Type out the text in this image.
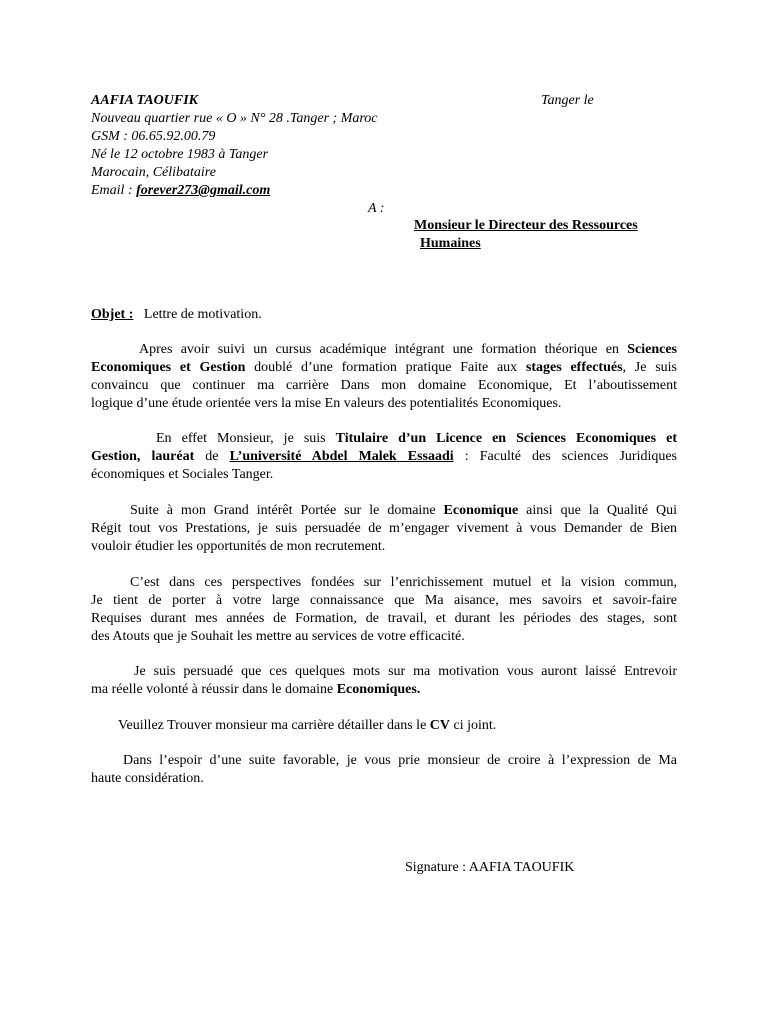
AAFIA TAOUFIK
Nouveau quartier rue « O » N° 28 .Tanger ; Maroc
GSM : 06.65.92.00.79
Né le 12 octobre 1983 à Tanger
Marocain, Célibataire
Email : forever273@gmail.com
Tanger le
A :
Monsieur le Directeur des Ressources
Humaines
Objet : Lettre de motivation.
Apres avoir suivi un cursus académique intégrant une formation théorique en Sciences
Economiques et Gestion doublé d’une formation pratique Faite aux stages effectués, Je suis
convaincu que continuer ma carrière Dans mon domaine Economique, Et l’aboutissement
logique d’une étude orientée vers la mise En valeurs des potentialités Economiques.
En effet Monsieur, je suis Titulaire d’un Licence en Sciences Economiques et
Gestion, lauréat de L’université Abdel Malek Essaadi : Faculté des sciences Juridiques
économiques et Sociales Tanger.
Suite à mon Grand intérêt Portée sur le domaine Economique ainsi que la Qualité Qui
Régit tout vos Prestations, je suis persuadée de m’engager vivement à vous Demander de Bien
vouloir étudier les opportunités de mon recrutement.
C’est dans ces perspectives fondées sur l’enrichissement mutuel et la vision commun,
Je tient de porter à votre large connaissance que Ma aisance, mes savoirs et savoir-faire
Requises durant mes années de Formation, de travail, et durant les périodes des stages, sont
des Atouts que je Souhait les mettre au services de votre efficacité.
Je suis persuadé que ces quelques mots sur ma motivation vous auront laissé Entrevoir
ma réelle volonté à réussir dans le domaine Economiques.
Veuillez Trouver monsieur ma carrière détailler dans le CV ci joint.
Dans l’espoir d’une suite favorable, je vous prie monsieur de croire à l’expression de Ma
haute considération.
Signature : AAFIA TAOUFIK
